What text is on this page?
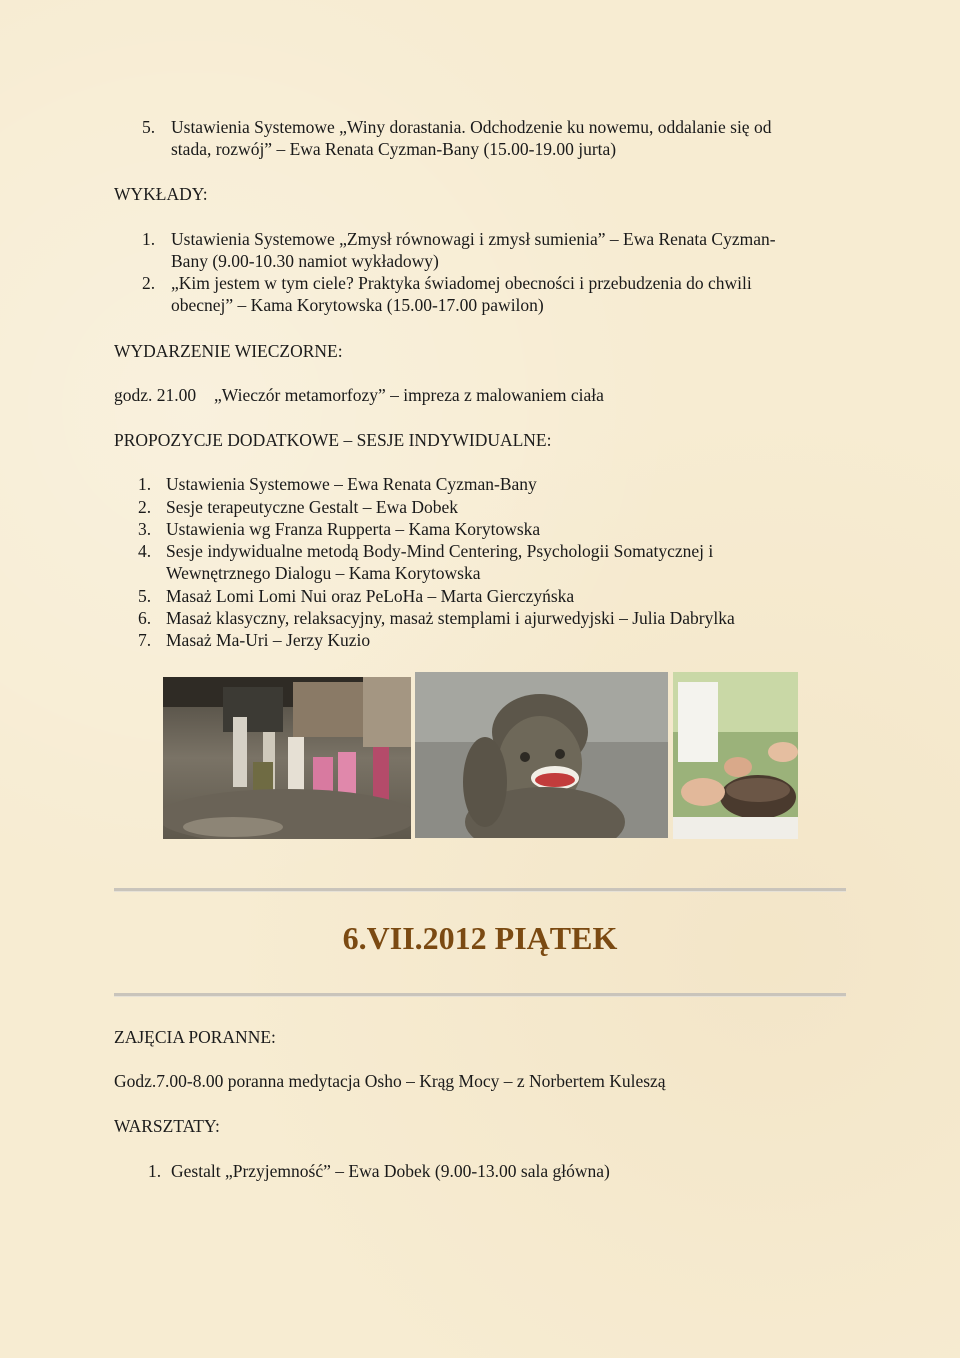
5. Ustawienia Systemowe „Winy dorastania. Odchodzenie ku nowemu, oddalanie się od
stada, rozwój” – Ewa Renata Cyzman-Bany (15.00-19.00 jurta)
WYKŁADY:
1. Ustawienia Systemowe „Zmysł równowagi i zmysł sumienia” – Ewa Renata Cyzman-
Bany (9.00-10.30 namiot wykładowy)
2. „Kim jestem w tym ciele? Praktyka świadomej obecności i przebudzenia do chwili
obecnej” – Kama Korytowska (15.00-17.00 pawilon)
WYDARZENIE WIECZORNE:
godz. 21.00 „Wieczór metamorfozy” – impreza z malowaniem ciała
PROPOZYCJE DODATKOWE – SESJE INDYWIDUALNE:
1. Ustawienia Systemowe – Ewa Renata Cyzman-Bany
2. Sesje terapeutyczne Gestalt – Ewa Dobek
3. Ustawienia wg Franza Rupperta – Kama Korytowska
4. Sesje indywidualne metodą Body-Mind Centering, Psychologii Somatycznej i
Wewnętrznego Dialogu – Kama Korytowska
5. Masaż Lomi Lomi Nui oraz PeLoHa – Marta Gierczyńska
6. Masaż klasyczny, relaksacyjny, masaż stemplami i ajurwedyjski – Julia Dabrylka
7. Masaż Ma-Uri – Jerzy Kuzio
6.VII.2012 PIĄTEK
ZAJĘCIA PORANNE:
Godz.7.00-8.00 poranna medytacja Osho – Krąg Mocy – z Norbertem Kuleszą
WARSZTATY:
1. Gestalt „Przyjemność” – Ewa Dobek (9.00-13.00 sala główna)
